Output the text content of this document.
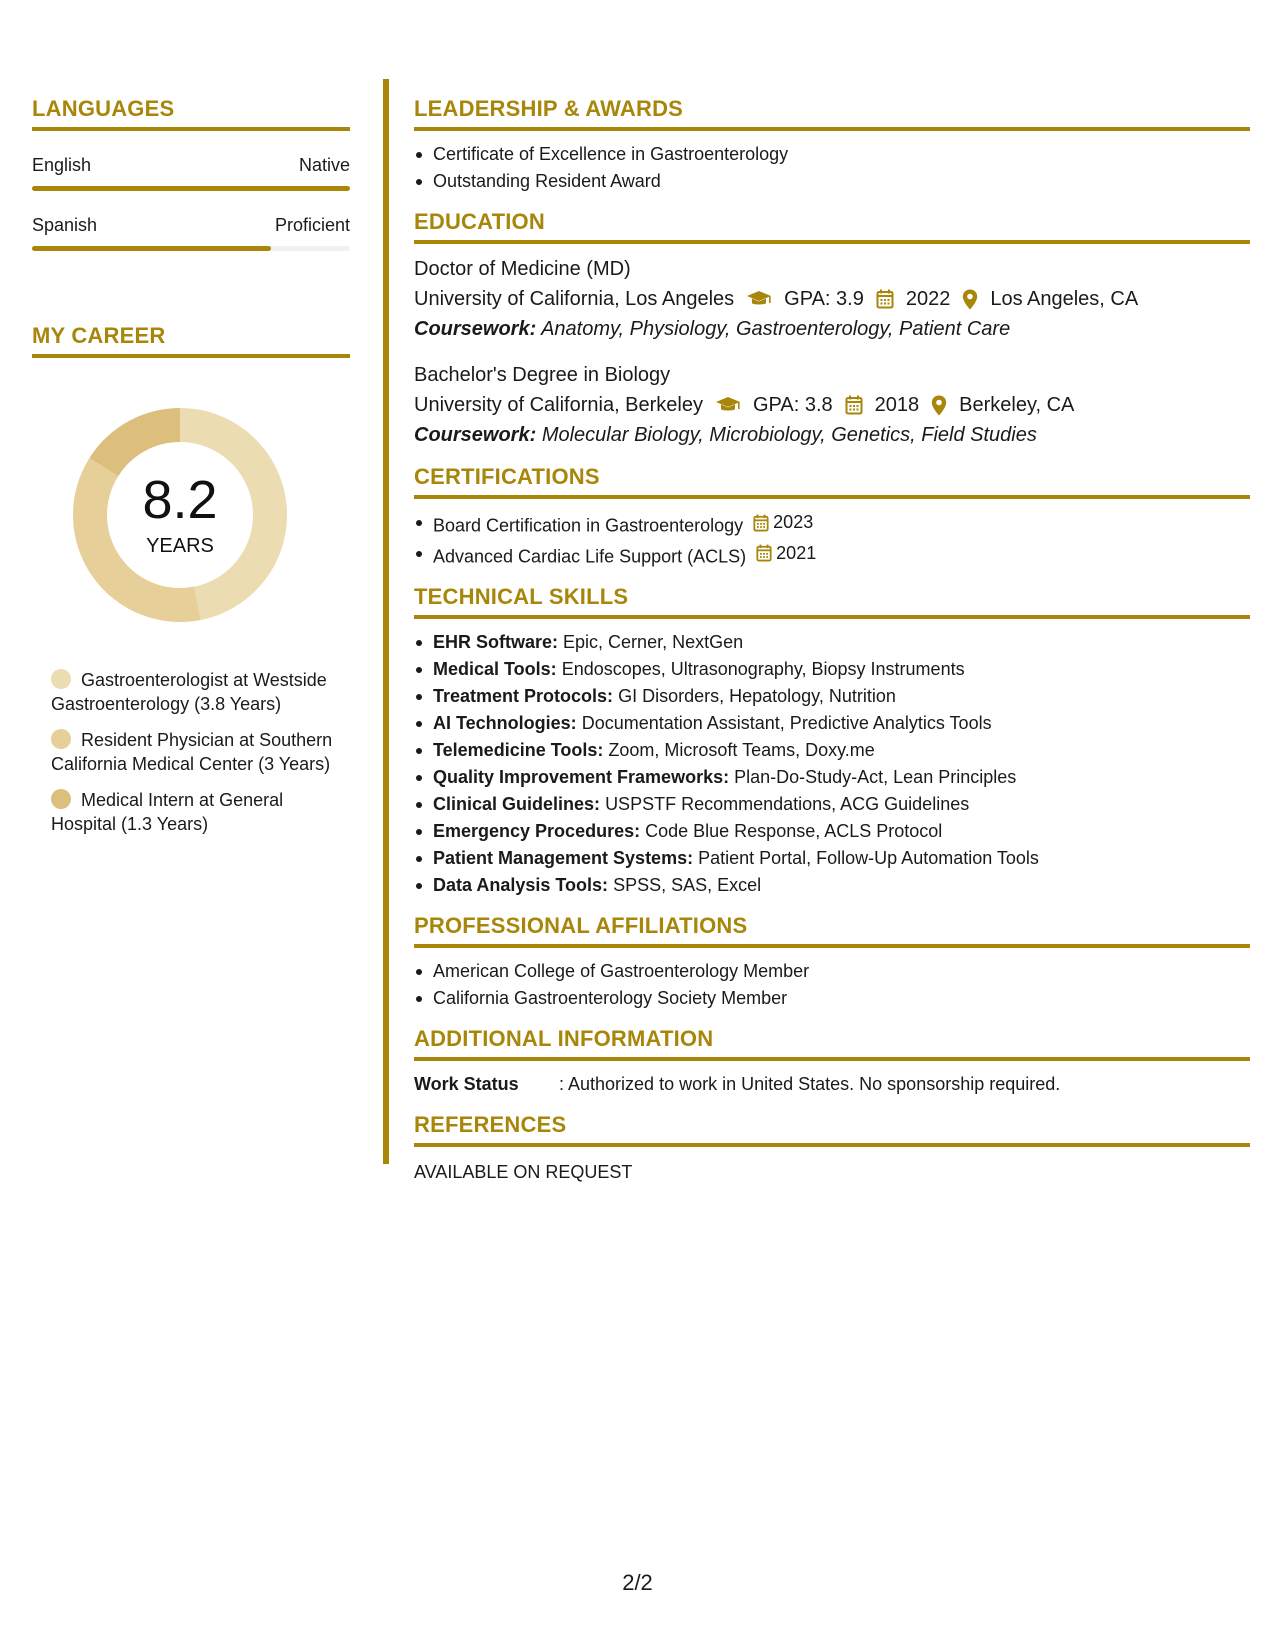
LANGUAGES
English	Native
Spanish	Proficient
MY CAREER
8.2
YEARS
Gastroenterologist at Westside Gastroenterology (3.8 Years)
Resident Physician at Southern California Medical Center (3 Years)
Medical Intern at General Hospital (1.3 Years)
LEADERSHIP & AWARDS
Certificate of Excellence in Gastroenterology
Outstanding Resident Award
EDUCATION
Doctor of Medicine (MD)
University of California, Los Angeles	GPA: 3.9 2022 Los Angeles, CA
Coursework: Anatomy, Physiology, Gastroenterology, Patient Care
Bachelor's Degree in Biology
University of California, Berkeley	GPA: 3.8 2018 Berkeley, CA
Coursework: Molecular Biology, Microbiology, Genetics, Field Studies
CERTIFICATIONS
Board Certification in Gastroenterology 2023
Advanced Cardiac Life Support (ACLS) 2021
TECHNICAL SKILLS
EHR Software: Epic, Cerner, NextGen
Medical Tools: Endoscopes, Ultrasonography, Biopsy Instruments
Treatment Protocols: GI Disorders, Hepatology, Nutrition
AI Technologies: Documentation Assistant, Predictive Analytics Tools
Telemedicine Tools: Zoom, Microsoft Teams, Doxy.me
Quality Improvement Frameworks: Plan-Do-Study-Act, Lean Principles
Clinical Guidelines: USPSTF Recommendations, ACG Guidelines
Emergency Procedures: Code Blue Response, ACLS Protocol
Patient Management Systems: Patient Portal, Follow-Up Automation Tools
Data Analysis Tools: SPSS, SAS, Excel
PROFESSIONAL AFFILIATIONS
American College of Gastroenterology Member
California Gastroenterology Society Member
ADDITIONAL INFORMATION
Work Status	: Authorized to work in United States. No sponsorship required.
REFERENCES
AVAILABLE ON REQUEST
2/2
